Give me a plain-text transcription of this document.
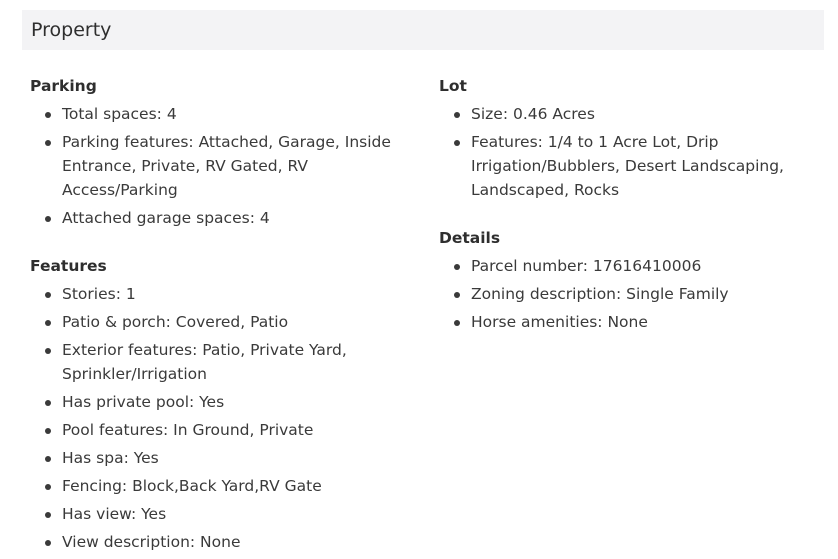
Property
Parking
Total spaces: 4
Parking features: Attached, Garage, Inside Entrance, Private, RV Gated, RV Access/Parking
Attached garage spaces: 4
Features
Stories: 1
Patio & porch: Covered, Patio
Exterior features: Patio, Private Yard, Sprinkler/Irrigation
Has private pool: Yes
Pool features: In Ground, Private
Has spa: Yes
Fencing: Block,Back Yard,RV Gate
Has view: Yes
View description: None
Lot
Size: 0.46 Acres
Features: 1/4 to 1 Acre Lot, Drip Irrigation/Bubblers, Desert Landscaping, Landscaped, Rocks
Details
Parcel number: 17616410006
Zoning description: Single Family
Horse amenities: None
